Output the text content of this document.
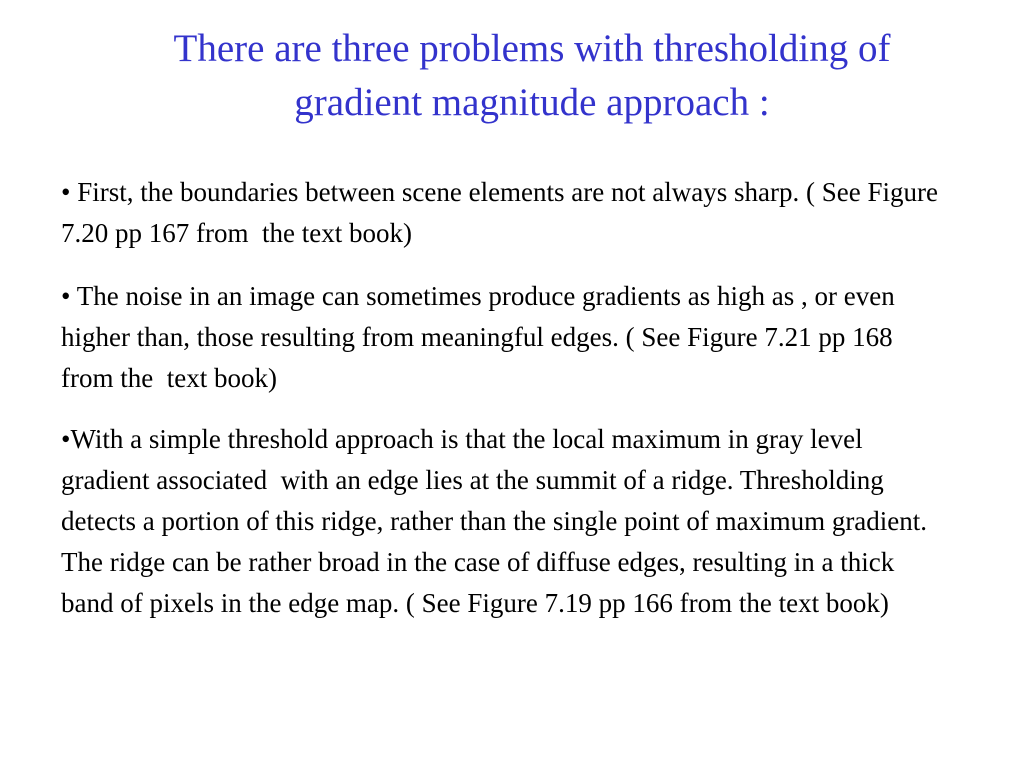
There are three problems with thresholding of
gradient magnitude approach :

• First, the boundaries between scene elements are not always sharp. ( See Figure 7.20 pp 167 from  the text book)

• The noise in an image can sometimes produce gradients as high as , or even higher than, those resulting from meaningful edges. ( See Figure 7.21 pp 168 from the  text book)

•With a simple threshold approach is that the local maximum in gray level gradient associated  with an edge lies at the summit of a ridge. Thresholding detects a portion of this ridge, rather than the single point of maximum gradient. The ridge can be rather broad in the case of diffuse edges, resulting in a thick band of pixels in the edge map. ( See Figure 7.19 pp 166 from the text book)
